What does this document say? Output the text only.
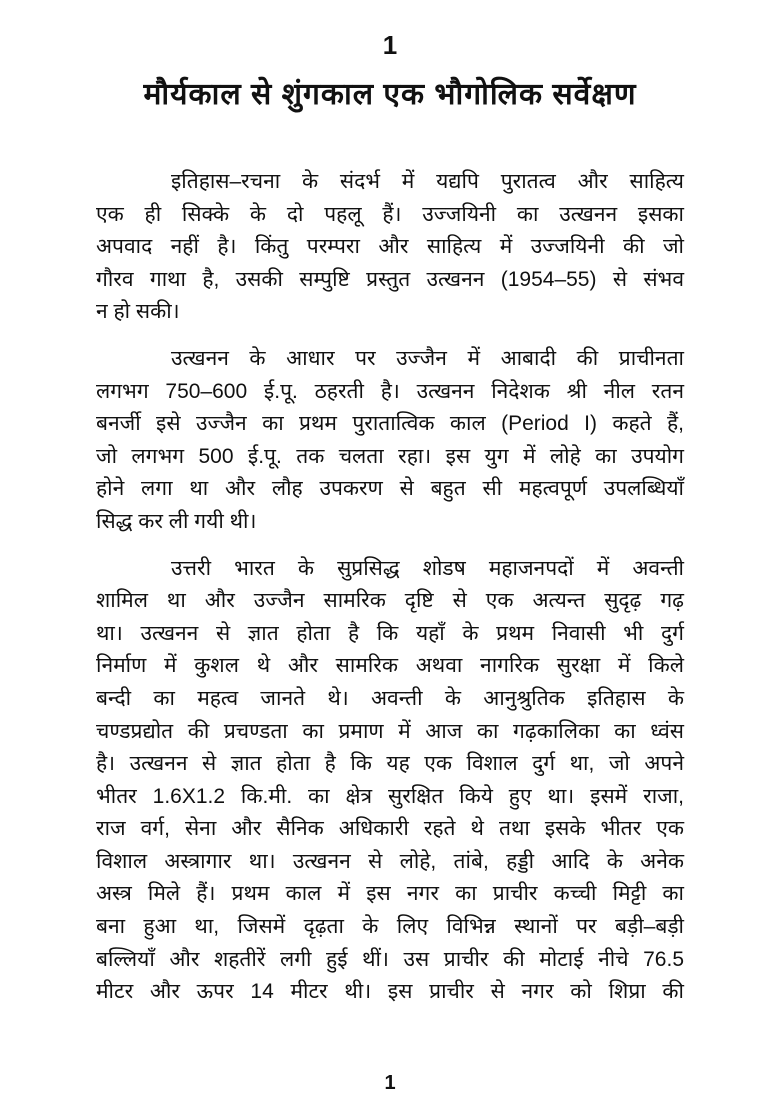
1
मौर्यकाल से शुंगकाल एक भौगोलिक सर्वेक्षण
इतिहास–रचना के संदर्भ में यद्यपि पुरातत्व और साहित्य
एक ही सिक्के के दो पहलू हैं। उज्जयिनी का उत्खनन इसका
अपवाद नहीं है। किंतु परम्परा और साहित्य में उज्जयिनी की जो
गौरव गाथा है, उसकी सम्पुष्टि प्रस्तुत उत्खनन (1954–55) से संभव
न हो सकी।
उत्खनन के आधार पर उज्जैन में आबादी की प्राचीनता
लगभग 750–600 ई.पू. ठहरती है। उत्खनन निदेशक श्री नील रतन
बनर्जी इसे उज्जैन का प्रथम पुरातात्विक काल (Period I) कहते हैं,
जो लगभग 500 ई.पू. तक चलता रहा। इस युग में लोहे का उपयोग
होने लगा था और लौह उपकरण से बहुत सी महत्वपूर्ण उपलब्धियाँ
सिद्ध कर ली गयी थी।
उत्तरी भारत के सुप्रसिद्ध शोडष महाजनपदों में अवन्ती
शामिल था और उज्जैन सामरिक दृष्टि से एक अत्यन्त सुदृढ़ गढ़
था। उत्खनन से ज्ञात होता है कि यहाँ के प्रथम निवासी भी दुर्ग
निर्माण में कुशल थे और सामरिक अथवा नागरिक सुरक्षा में किले
बन्दी का महत्व जानते थे। अवन्ती के आनुश्रुतिक इतिहास के
चण्डप्रद्योत की प्रचण्डता का प्रमाण में आज का गढ़कालिका का ध्वंस
है। उत्खनन से ज्ञात होता है कि यह एक विशाल दुर्ग था, जो अपने
भीतर 1.6X1.2 कि.मी. का क्षेत्र सुरक्षित किये हुए था। इसमें राजा,
राज वर्ग, सेना और सैनिक अधिकारी रहते थे तथा इसके भीतर एक
विशाल अस्त्रागार था। उत्खनन से लोहे, तांबे, हड्डी आदि के अनेक
अस्त्र मिले हैं। प्रथम काल में इस नगर का प्राचीर कच्ची मिट्टी का
बना हुआ था, जिसमें दृढ़ता के लिए विभिन्न स्थानों पर बड़ी–बड़ी
बल्लियाँ और शहतीरें लगी हुई थीं। उस प्राचीर की मोटाई नीचे 76.5
मीटर और ऊपर 14 मीटर थी। इस प्राचीर से नगर को शिप्रा की
1
